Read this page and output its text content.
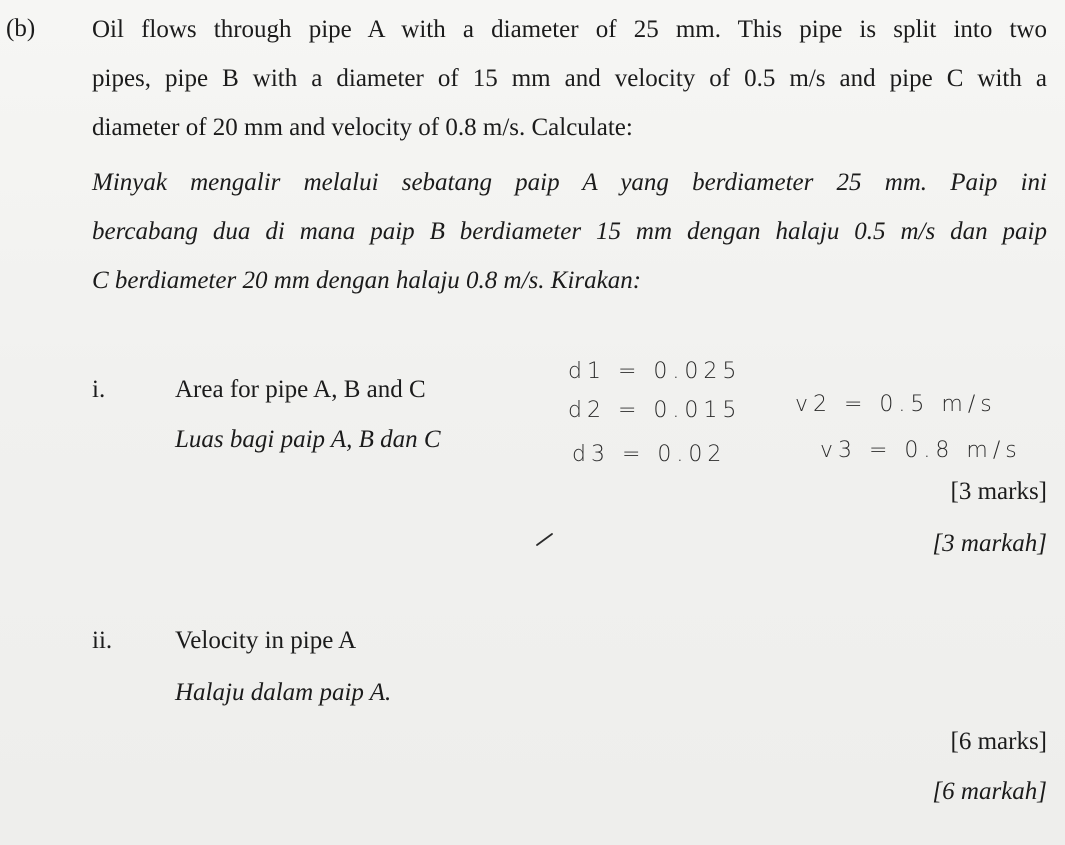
(b) Oil flows through pipe A with a diameter of 25 mm. This pipe is split into two
pipes, pipe B with a diameter of 15 mm and velocity of 0.5 m/s and pipe C with a
diameter of 20 mm and velocity of 0.8 m/s. Calculate:
Minyak mengalir melalui sebatang paip A yang berdiameter 25 mm. Paip ini
bercabang dua di mana paip B berdiameter 15 mm dengan halaju 0.5 m/s dan paip
C berdiameter 20 mm dengan halaju 0.8 m/s. Kirakan:
i.	Area for pipe A, B and C
Luas bagi paip A, B dan C
[3 marks]
[3 markah]
d1 = 0.025
d2 = 0.015 v2 = 0.5 m/s
d3 = 0.02	v3 = 0.8 m/s
ii.	Velocity in pipe A
Halaju dalam paip A.
[6 marks]
[6 markah]
